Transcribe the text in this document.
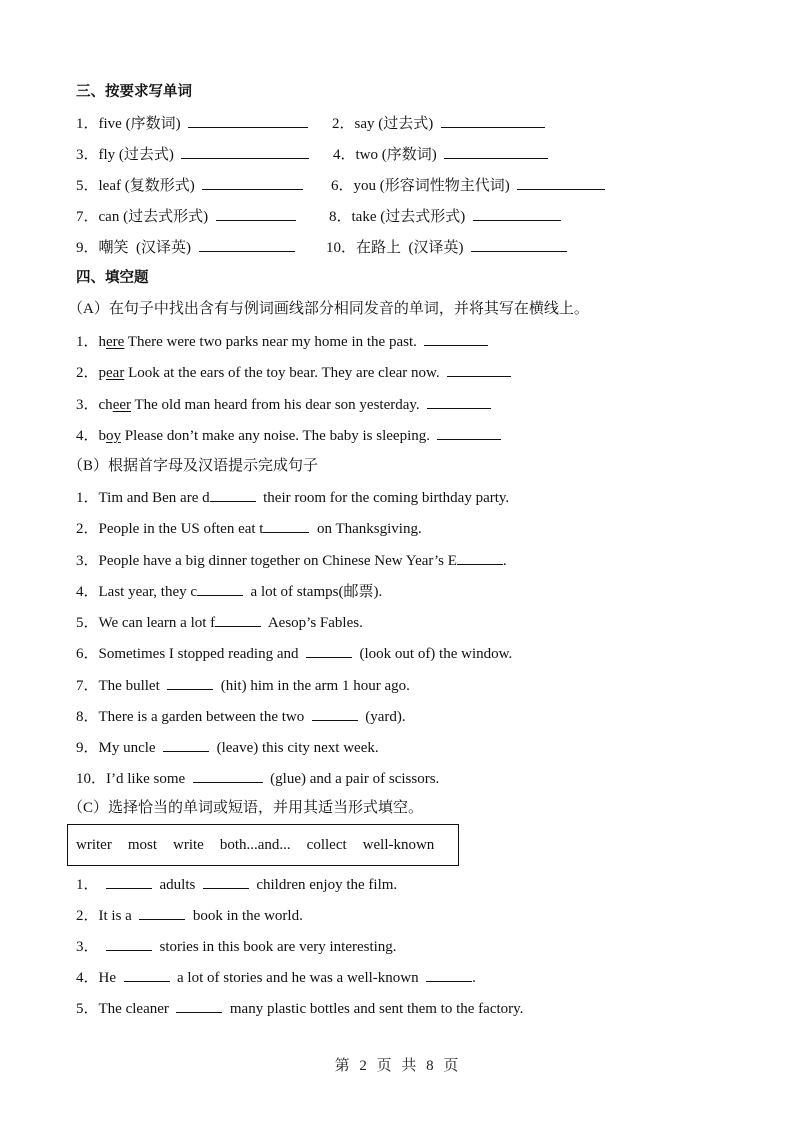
三、按要求写单词
1．five (序数词)	2．say (过去式)
3．fly (过去式)	4．two (序数词)
5．leaf (复数形式)	6．you (形容词性物主代词)
7．can (过去式形式)	8．take (过去式形式)
9．嘲笑  (汉译英)	10．在路上  (汉译英)
四、填空题
（A）在句子中找出含有与例词画线部分相同发音的单词，并将其写在横线上。
1．here There were two parks near my home in the past.
2．pear Look at the ears of the toy bear. They are clear now.
3．cheer The old man heard from his dear son yesterday.
4．boy Please don’t make any noise. The baby is sleeping.
（B）根据首字母及汉语提示完成句子
1．Tim and Ben are d	their room for the coming birthday party.
2．People in the US often eat t	on Thanksgiving.
3．People have a big dinner together on Chinese New Year’s E	.
4．Last year, they c	a lot of stamps(邮票).
5．We can learn a lot f	Aesop’s Fables.
6．Sometimes I stopped reading and	(look out of) the window.
7．The bullet	(hit) him in the arm 1 hour ago.
8．There is a garden between the two	(yard).
9．My uncle	(leave) this city next week.
10．I’d like some	(glue) and a pair of scissors.
（C）选择恰当的单词或短语，并用其适当形式填空。
writer most write both...and... collect well-known
1．	adults	children enjoy the film.
2．It is a	book in the world.
3．	stories in this book are very interesting.
4．He	a lot of stories and he was a well-known	.
5．The cleaner	many plastic bottles and sent them to the factory.
第 2 页 共 8 页
